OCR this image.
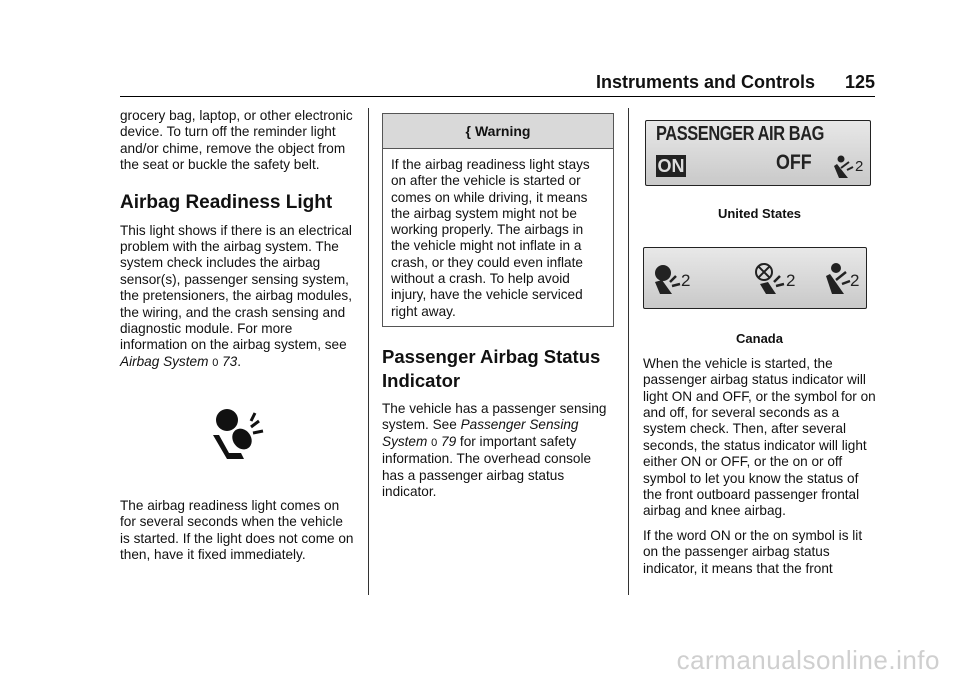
Instruments and Controls 125

grocery bag, laptop, or other electronic device. To turn off the reminder light and/or chime, remove the object from the seat or buckle the safety belt.

Airbag Readiness Light

This light shows if there is an electrical problem with the airbag system. The system check includes the airbag sensor(s), passenger sensing system, the pretensioners, the airbag modules, the wiring, and the crash sensing and diagnostic module. For more information on the airbag system, see Airbag System 0 73.

The airbag readiness light comes on for several seconds when the vehicle is started. If the light does not come on then, have it fixed immediately.

{ Warning
If the airbag readiness light stays on after the vehicle is started or comes on while driving, it means the airbag system might not be working properly. The airbags in the vehicle might not inflate in a crash, or they could even inflate without a crash. To help avoid injury, have the vehicle serviced right away.
Passenger Airbag Status Indicator

The vehicle has a passenger sensing system. See Passenger Sensing System 0 79 for important safety information. The overhead console has a passenger airbag status indicator.

PASSENGER AIR BAG
ON	OFF	2
United States
2	2	2
Canada

When the vehicle is started, the passenger airbag status indicator will light ON and OFF, or the symbol for on and off, for several seconds as a system check. Then, after several seconds, the status indicator will light either ON or OFF, or the on or off symbol to let you know the status of the front outboard passenger frontal airbag and knee airbag.

If the word ON or the on symbol is lit on the passenger airbag status indicator, it means that the front

carmanualsonline.info
